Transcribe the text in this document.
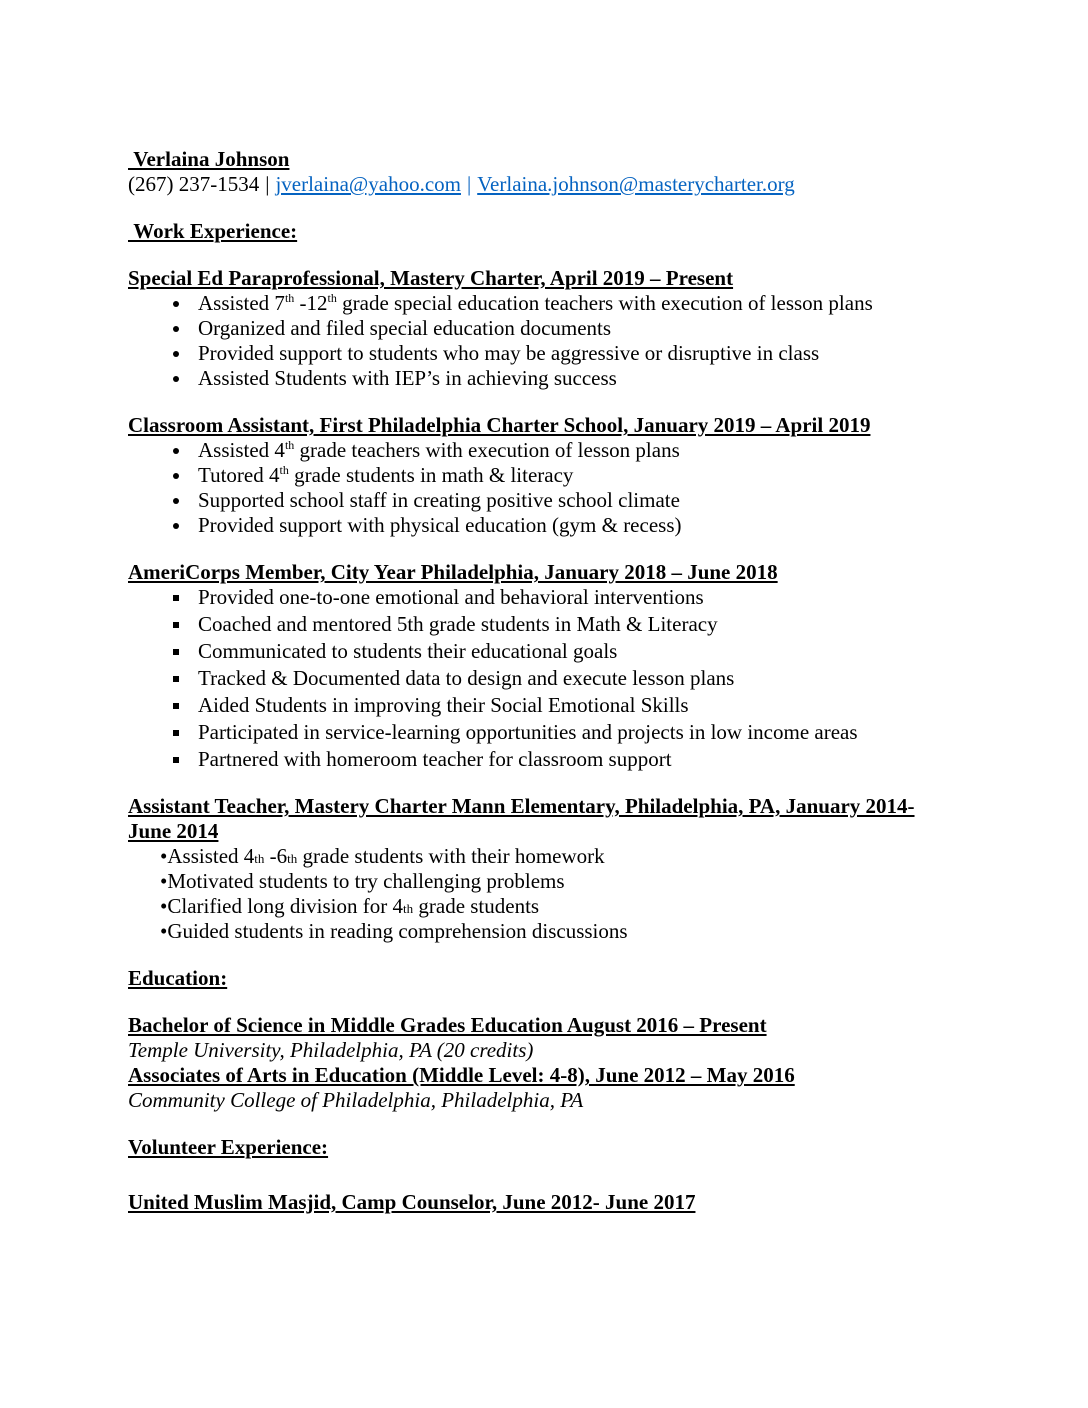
Verlaina Johnson
(267) 237-1534 | jverlaina@yahoo.com | Verlaina.johnson@masterycharter.org
Work Experience:
Special Ed Paraprofessional, Mastery Charter, April 2019 – Present
• Assisted 7th -12th grade special education teachers with execution of lesson plans
• Organized and filed special education documents
• Provided support to students who may be aggressive or disruptive in class
• Assisted Students with IEP’s in achieving success
Classroom Assistant, First Philadelphia Charter School, January 2019 – April 2019
• Assisted 4th grade teachers with execution of lesson plans
• Tutored 4th grade students in math & literacy
• Supported school staff in creating positive school climate
• Provided support with physical education (gym & recess)
AmeriCorps Member, City Year Philadelphia, January 2018 – June 2018
▪ Provided one-to-one emotional and behavioral interventions
▪ Coached and mentored 5th grade students in Math & Literacy
▪ Communicated to students their educational goals
▪ Tracked & Documented data to design and execute lesson plans
▪ Aided Students in improving their Social Emotional Skills
▪ Participated in service-learning opportunities and projects in low income areas
▪ Partnered with homeroom teacher for classroom support
Assistant Teacher, Mastery Charter Mann Elementary, Philadelphia, PA, January 2014-
June 2014
• Assisted 4th -6th grade students with their homework
• Motivated students to try challenging problems
• Clarified long division for 4th grade students
• Guided students in reading comprehension discussions
Education:
Bachelor of Science in Middle Grades Education August 2016 – Present
Temple University, Philadelphia, PA (20 credits)
Associates of Arts in Education (Middle Level: 4-8), June 2012 – May 2016
Community College of Philadelphia, Philadelphia, PA
Volunteer Experience:
United Muslim Masjid, Camp Counselor, June 2012- June 2017
